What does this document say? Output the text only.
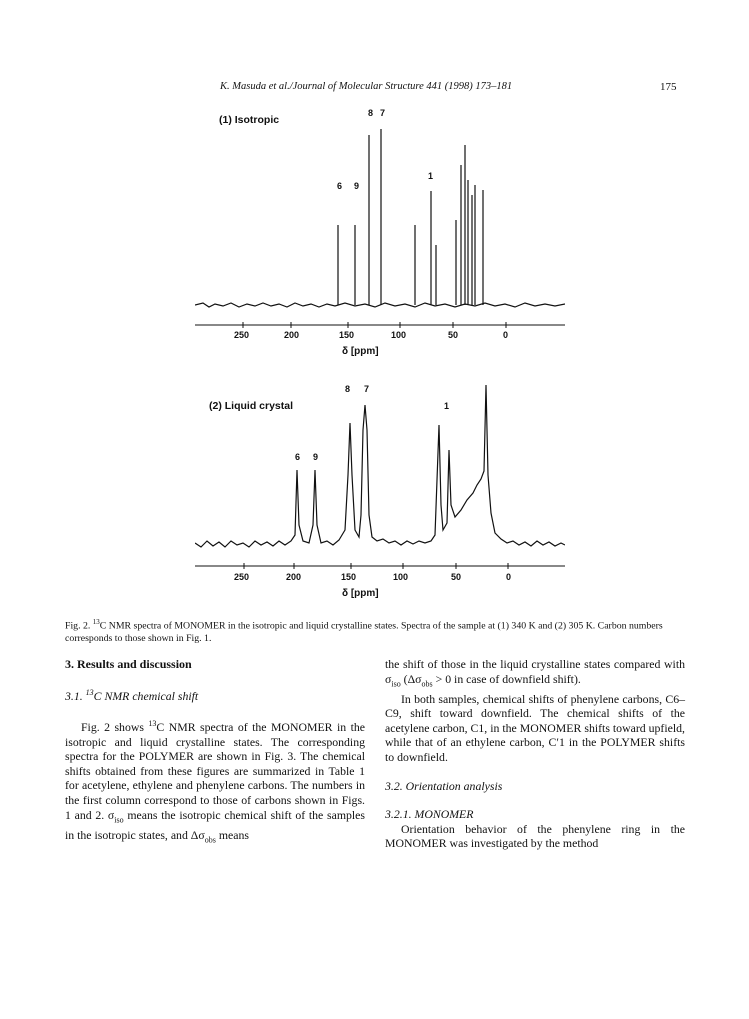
K. Masuda et al./Journal of Molecular Structure 441 (1998) 173–181	175
(1) Isotropic
8 7
6 9
1
250	200	150	100	50	0
δ [ppm]
8 7
(2) Liquid crystal	1
6 9
250	200	150	100	50	0
δ [ppm]
Fig. 2. $^{13}$C NMR spectra of MONOMER in the isotropic and liquid crystalline states. Spectra of the sample at (1) 340 K and (2) 305 K. Carbon numbers corresponds to those shown in Fig. 1.

3. Results and discussion

3.1. $^{13}$C NMR chemical shift

Fig. 2 shows $^{13}$C NMR spectra of the MONOMER in the isotropic and liquid crystalline states. The corresponding spectra for the POLYMER are shown in Fig. 3. The chemical shifts obtained from these figures are summarized in Table 1 for acetylene, ethylene and phenylene carbons. The numbers in the first column correspond to those of carbons shown in Figs. 1 and 2. $\sigma_{iso}$ means the isotropic chemical shift of the samples in the isotropic states, and $\Delta\sigma_{obs}$ means

the shift of those in the liquid crystalline states compared with $\sigma_{iso}$ ($\Delta\sigma_{obs} > 0$ in case of downfield shift).

In both samples, chemical shifts of phenylene carbons, C6–C9, shift toward downfield. The chemical shifts of the acetylene carbon, C1, in the MONOMER shifts toward upfield, while that of an ethylene carbon, C′1 in the POLYMER shifts to downfield.

3.2. Orientation analysis

3.2.1. MONOMER

Orientation behavior of the phenylene ring in the MONOMER was investigated by the method
